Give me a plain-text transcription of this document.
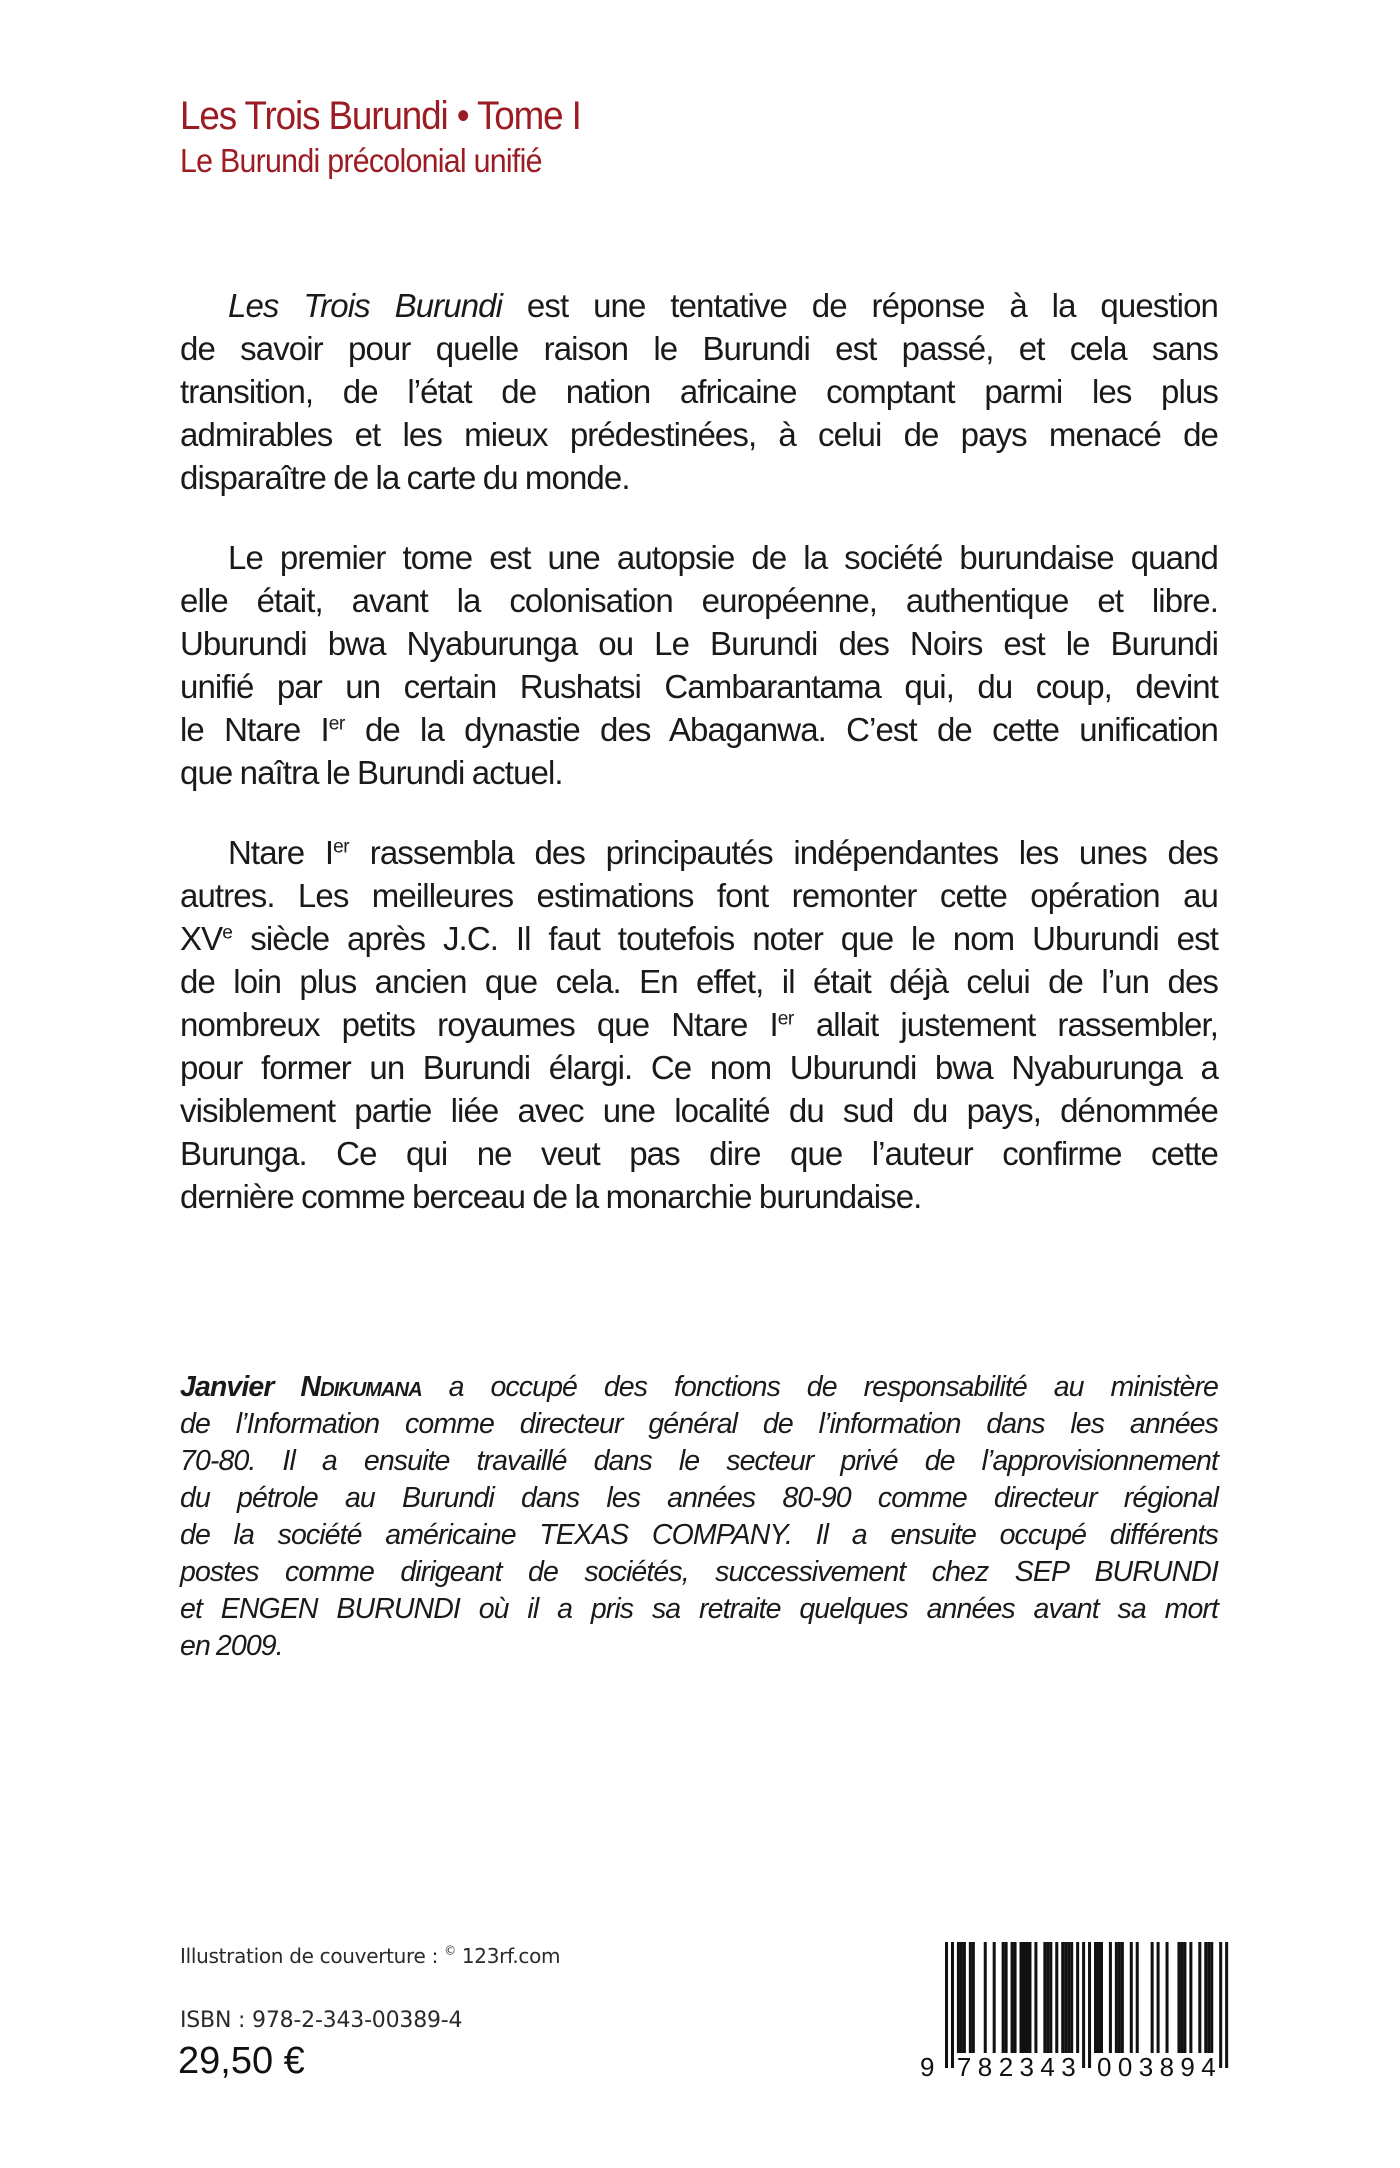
Les Trois Burundi • Tome I
Le Burundi précolonial unifié
Les Trois Burundi est une tentative de réponse à la question
de savoir pour quelle raison le Burundi est passé, et cela sans
transition, de l’état de nation africaine comptant parmi les plus
admirables et les mieux prédestinées, à celui de pays menacé de
disparaître de la carte du monde.
Le premier tome est une autopsie de la société burundaise quand
elle était, avant la colonisation européenne, authentique et libre.
Uburundi bwa Nyaburunga ou Le Burundi des Noirs est le Burundi
unifié par un certain Rushatsi Cambarantama qui, du coup, devint
le Ntare Ier de la dynastie des Abaganwa. C’est de cette unification
que naîtra le Burundi actuel.
Ntare Ier rassembla des principautés indépendantes les unes des
autres. Les meilleures estimations font remonter cette opération au
XVe siècle après J.C. Il faut toutefois noter que le nom Uburundi est
de loin plus ancien que cela. En effet, il était déjà celui de l’un des
nombreux petits royaumes que Ntare Ier allait justement rassembler,
pour former un Burundi élargi. Ce nom Uburundi bwa Nyaburunga a
visiblement partie liée avec une localité du sud du pays, dénommée
Burunga. Ce qui ne veut pas dire que l’auteur confirme cette
dernière comme berceau de la monarchie burundaise.
Janvier Ndikumana a occupé des fonctions de responsabilité au ministère
de l’Information comme directeur général de l’information dans les années
70-80. Il a ensuite travaillé dans le secteur privé de l’approvisionnement
du pétrole au Burundi dans les années 80-90 comme directeur régional
de la société américaine TEXAS COMPANY. Il a ensuite occupé différents
postes comme dirigeant de sociétés, successivement chez SEP BURUNDI
et ENGEN BURUNDI où il a pris sa retraite quelques années avant sa mort
en 2009.
Illustration de couverture : © 123rf.com
ISBN : 978-2-343-00389-4
29,50 €	9 7 8 2 3 4 3 0 0 3 8 9 4
